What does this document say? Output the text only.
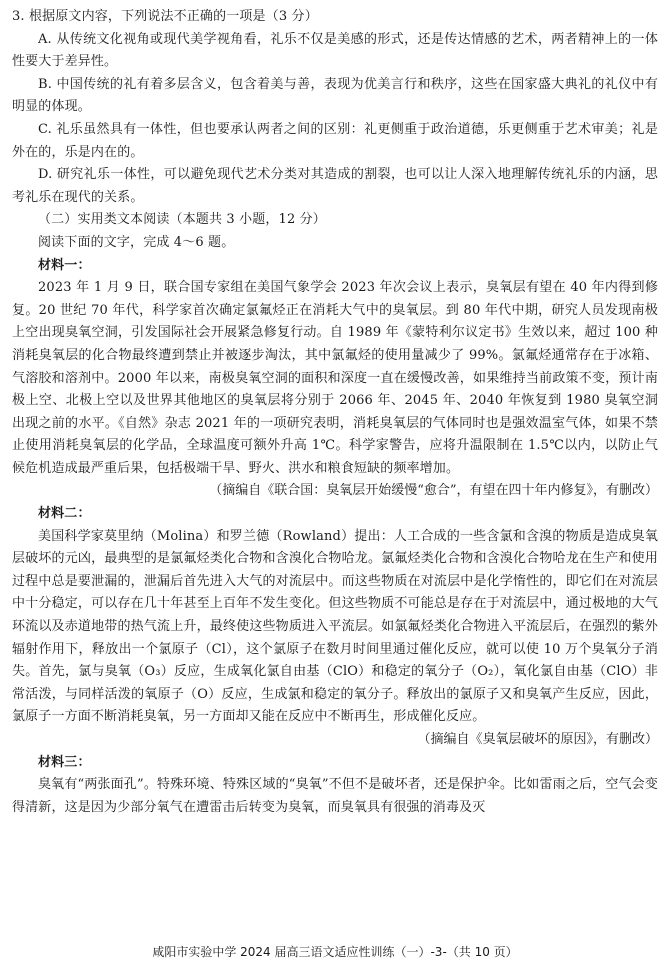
3. 根据原文内容，下列说法不正确的一项是（3 分）

A. 从传统文化视角或现代美学视角看，礼乐不仅是美感的形式，还是传达情感的艺术，两者精神上的一体性要大于差异性。

B. 中国传统的礼有着多层含义，包含着美与善，表现为优美言行和秩序，这些在国家盛大典礼的礼仪中有明显的体现。

C. 礼乐虽然具有一体性，但也要承认两者之间的区别：礼更侧重于政治道德，乐更侧重于艺术审美；礼是外在的，乐是内在的。

D. 研究礼乐一体性，可以避免现代艺术分类对其造成的割裂，也可以让人深入地理解传统礼乐的内涵，思考礼乐在现代的关系。

（二）实用类文本阅读（本题共 3 小题，12 分）

阅读下面的文字，完成 4～6 题。

材料一：

2023 年 1 月 9 日，联合国专家组在美国气象学会 2023 年次会议上表示，臭氧层有望在 40 年内得到修复。20 世纪 70 年代，科学家首次确定氯氟烃正在消耗大气中的臭氧层。到 80 年代中期，研究人员发现南极上空出现臭氧空洞，引发国际社会开展紧急修复行动。自 1989 年《蒙特利尔议定书》生效以来，超过 100 种消耗臭氧层的化合物最终遭到禁止并被逐步淘汰，其中氯氟烃的使用量减少了 99%。氯氟烃通常存在于冰箱、气溶胶和溶剂中。2000 年以来，南极臭氧空洞的面积和深度一直在缓慢改善，如果维持当前政策不变，预计南极上空、北极上空以及世界其他地区的臭氧层将分别于 2066 年、2045 年、2040 年恢复到 1980 臭氧空洞出现之前的水平。《自然》杂志 2021 年的一项研究表明，消耗臭氧层的气体同时也是强效温室气体，如果不禁止使用消耗臭氧层的化学品，全球温度可额外升高 1℃。科学家警告，应将升温限制在 1.5℃以内，以防止气候危机造成最严重后果，包括极端干旱、野火、洪水和粮食短缺的频率增加。

（摘编自《联合国：臭氧层开始缓慢“愈合”，有望在四十年内修复》，有删改）

材料二：

美国科学家莫里纳（Molina）和罗兰德（Rowland）提出：人工合成的一些含氯和含溴的物质是造成臭氧层破坏的元凶，最典型的是氯氟烃类化合物和含溴化合物哈龙。氯氟烃类化合物和含溴化合物哈龙在生产和使用过程中总是要泄漏的，泄漏后首先进入大气的对流层中。而这些物质在对流层中是化学惰性的，即它们在对流层中十分稳定，可以存在几十年甚至上百年不发生变化。但这些物质不可能总是存在于对流层中，通过极地的大气环流以及赤道地带的热气流上升，最终使这些物质进入平流层。如氯氟烃类化合物进入平流层后，在强烈的紫外辐射作用下，释放出一个氯原子（Cl），这个氯原子在数月时间里通过催化反应，就可以使 10 万个臭氧分子消失。首先，氯与臭氧（O₃）反应，生成氧化氯自由基（ClO）和稳定的氧分子（O₂），氧化氯自由基（ClO）非常活泼，与同样活泼的氧原子（O）反应，生成氯和稳定的氧分子。释放出的氯原子又和臭氧产生反应，因此，氯原子一方面不断消耗臭氧，另一方面却又能在反应中不断再生，形成催化反应。

（摘编自《臭氧层破坏的原因》，有删改）

材料三：

臭氧有“两张面孔”。特殊环境、特殊区域的“臭氧”不但不是破坏者，还是保护伞。比如雷雨之后，空气会变得清新，这是因为少部分氧气在遭雷击后转变为臭氧，而臭氧具有很强的消毒及灭

咸阳市实验中学 2024 届高三语文适应性训练（一）-3-（共 10 页）
